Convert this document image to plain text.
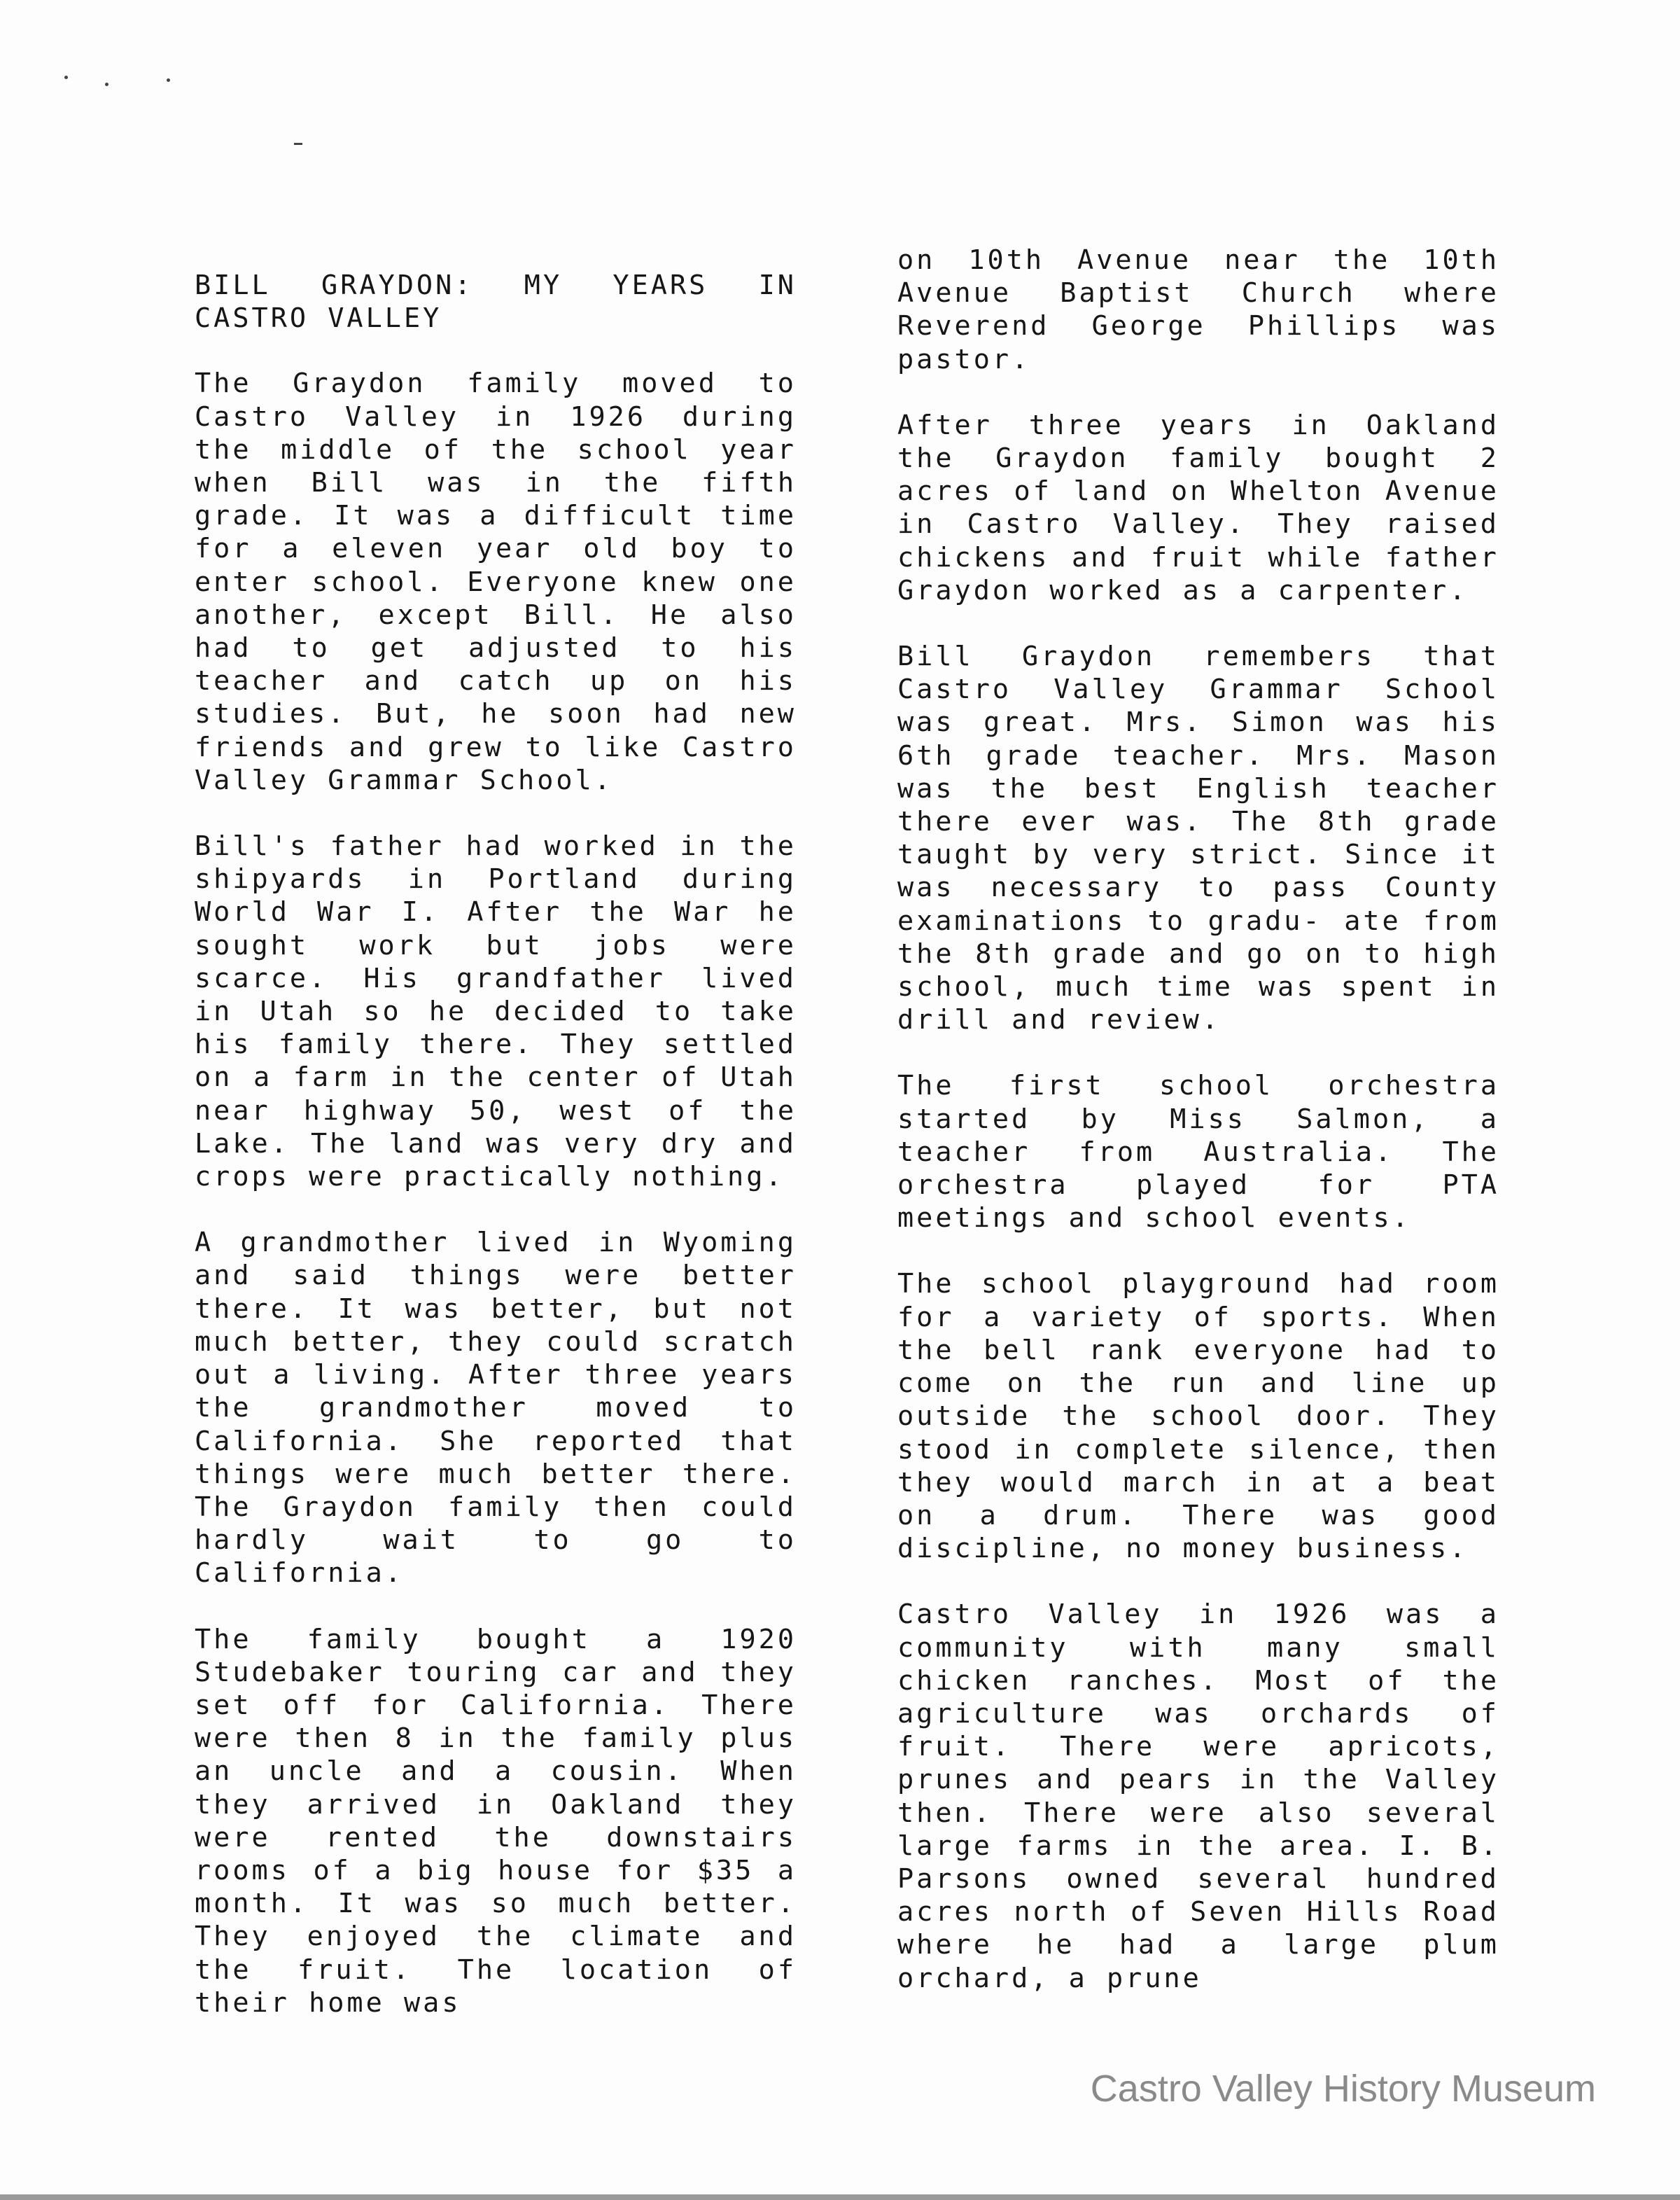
BILL GRAYDON: MY YEARS IN CASTRO VALLEY

The Graydon family moved to Castro Valley in 1926 during the middle of the school year when Bill was in the fifth grade. It was a difficult time for a eleven year old boy to enter school. Everyone knew one another, except Bill. He also had to get adjusted to his teacher and catch up on his studies. But, he soon had new friends and grew to like Castro Valley Grammar School.

Bill's father had worked in the shipyards in Portland during World War I. After the War he sought work but jobs were scarce. His grandfather lived in Utah so he decided to take his family there. They settled on a farm in the center of Utah near highway 50, west of the Lake. The land was very dry and crops were practically nothing.

A grandmother lived in Wyoming and said things were better there. It was better, but not much better, they could scratch out a living. After three years the grandmother moved to California. She reported that things were much better there. The Graydon family then could hardly wait to go to California.

The family bought a 1920 Studebaker touring car and they set off for California. There were then 8 in the family plus an uncle and a cousin. When they arrived in Oakland they were rented the downstairs rooms of a big house for $35 a month. It was so much better. They enjoyed the climate and the fruit. The location of their home was

on 10th Avenue near the 10th Avenue Baptist Church where Reverend George Phillips was pastor.

After three years in Oakland the Graydon family bought 2 acres of land on Whelton Avenue in Castro Valley. They raised chickens and fruit while father Graydon worked as a carpenter.

Bill Graydon remembers that Castro Valley Grammar School was great. Mrs. Simon was his 6th grade teacher. Mrs. Mason was the best English teacher there ever was. The 8th grade taught by very strict. Since it was necessary to pass County examinations to gradu- ate from the 8th grade and go on to high school, much time was spent in drill and review.

The first school orchestra started by Miss Salmon, a teacher from Australia. The orchestra played for PTA meetings and school events.

The school playground had room for a variety of sports. When the bell rank everyone had to come on the run and line up outside the school door. They stood in complete silence, then they would march in at a beat on a drum. There was good discipline, no money business.

Castro Valley in 1926 was a community with many small chicken ranches. Most of the agriculture was orchards of fruit. There were apricots, prunes and pears in the Valley then. There were also several large farms in the area. I. B. Parsons owned several hundred acres north of Seven Hills Road where he had a large plum orchard, a prune

Castro Valley History Museum
